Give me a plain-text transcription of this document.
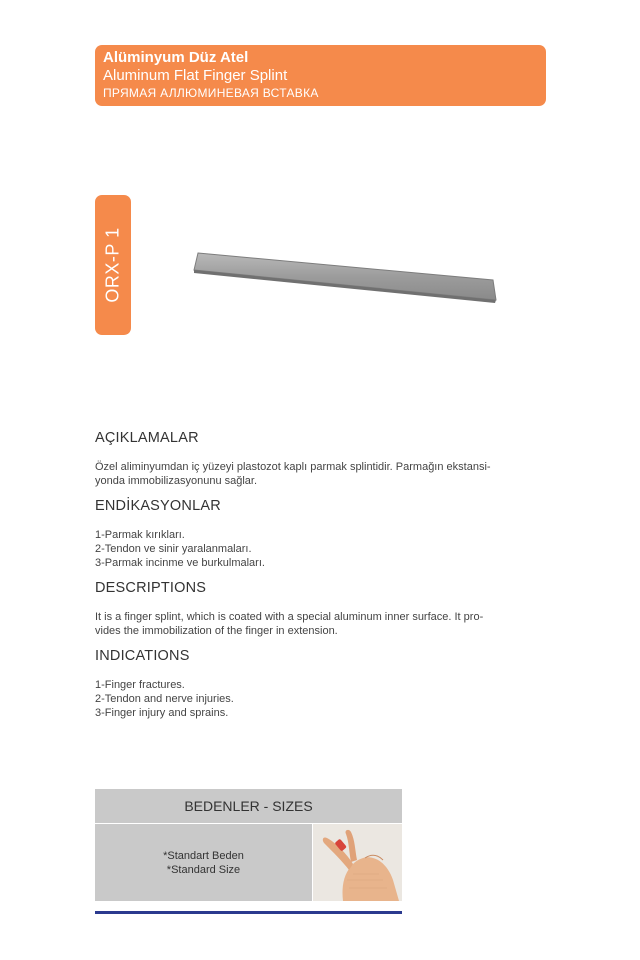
Alüminyum Düz Atel
Aluminum Flat Finger Splint
ПРЯМАЯ АЛЛЮМИНЕВАЯ ВСТАВКА
ORX-P 1
AÇIKLAMALAR

Özel aliminyumdan iç yüzeyi plastozot kaplı parmak splintidir. Parmağın ekstansi-

yonda immobilizasyonunu sağlar.

ENDİKASYONLAR

1-Parmak kırıkları.

2-Tendon ve sinir yaralanmaları.

3-Parmak incinme ve burkulmaları.

DESCRIPTIONS

It is a finger splint, which is coated with a special aluminum inner surface. It pro-

vides the immobilization of the finger in extension.

INDICATIONS

1-Finger fractures.

2-Tendon and nerve injuries.

3-Finger injury and sprains.

BEDENLER - SIZES
*Standart Beden
*Standard Size
